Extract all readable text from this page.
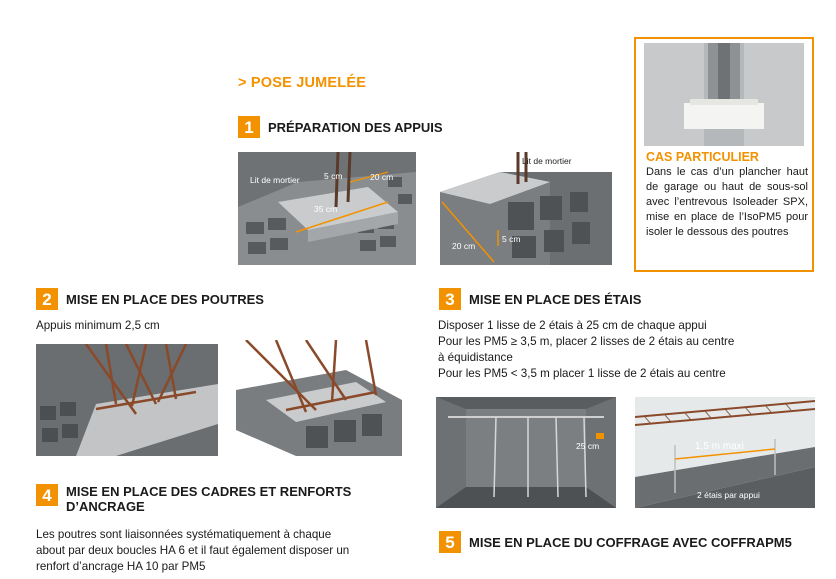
> POSE JUMELÉE
1	PRÉPARATION DES APPUIS
Lit de mortier	5 cm	20 cm
35 cm
Lit de mortier
5 cm
20 cm
CAS PARTICULIER
Dans le cas d’un plancher haut de garage ou haut de sous-sol avec l’entrevous Isoleader SPX, mise en place de l’IsoPM5 pour isoler le dessous des poutres
2	MISE EN PLACE DES POUTRES
Appuis minimum 2,5 cm
3	MISE EN PLACE DES ÉTAIS
Disposer 1 lisse de 2 étais à 25 cm de chaque appui
Pour les PM5 ≥ 3,5 m, placer 2 lisses de 2 étais au centre
à équidistance
Pour les PM5 < 3,5 m placer 1 lisse de 2 étais au centre
25 cm	1,5 m maxi
2 étais par appui
4	MISE EN PLACE DES CADRES ET RENFORTS
D’ANCRAGE
Les poutres sont liaisonnées systématiquement à chaque
about par deux boucles HA 6 et il faut également disposer un
renfort d’ancrage HA 10 par PM5
5	MISE EN PLACE DU COFFRAGE AVEC COFFRAPM5
